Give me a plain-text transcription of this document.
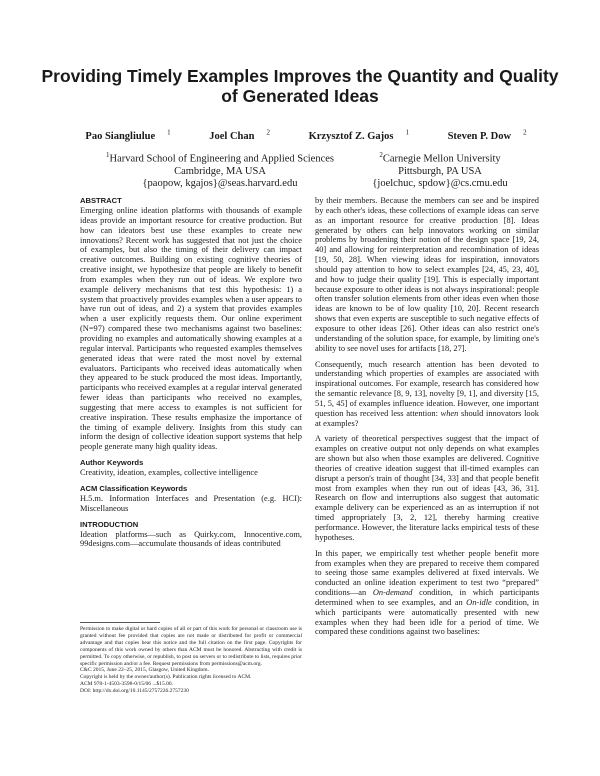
Providing Timely Examples Improves the Quantity and Quality of Generated Ideas
Pao Siangliulue $^1$	Joel Chan $^2$	Krzysztof Z. Gajos $^1$	Steven P. Dow $^2$
$^1$Harvard School of Engineering and Applied Sciences
Cambridge, MA USA
{paopow, kgajos}@seas.harvard.edu
$^2$Carnegie Mellon University
Pittsburgh, PA USA
{joelchuc, spdow}@cs.cmu.edu
ABSTRACT

Emerging online ideation platforms with thousands of example ideas provide an important resource for creative production. But how can ideators best use these examples to create new innovations? Recent work has suggested that not just the choice of examples, but also the timing of their delivery can impact creative outcomes. Building on existing cognitive theories of creative insight, we hypothesize that people are likely to benefit from examples when they run out of ideas. We explore two example delivery mechanisms that test this hypothesis: 1) a system that proactively provides examples when a user appears to have run out of ideas, and 2) a system that provides examples when a user explicitly requests them. Our online experiment (N=97) compared these two mechanisms against two baselines: providing no examples and automatically showing examples at a regular interval. Participants who requested examples themselves generated ideas that were rated the most novel by external evaluators. Participants who received ideas automatically when they appeared to be stuck produced the most ideas. Importantly, participants who received examples at a regular interval generated fewer ideas than participants who received no examples, suggesting that mere access to examples is not sufficient for creative inspiration. These results emphasize the importance of the timing of example delivery. Insights from this study can inform the design of collective ideation support systems that help people generate many high quality ideas.

Author Keywords

Creativity, ideation, examples, collective intelligence

ACM Classification Keywords

H.5.m. Information Interfaces and Presentation (e.g. HCI): Miscellaneous

INTRODUCTION

Ideation platforms—such as Quirky.com, Innocentive.com, 99designs.com—accumulate thousands of ideas contributed

Permission to make digital or hard copies of all or part of this work for personal or classroom use is granted without fee provided that copies are not made or distributed for profit or commercial advantage and that copies bear this notice and the full citation on the first page. Copyrights for components of this work owned by others than ACM must be honored. Abstracting with credit is permitted. To copy otherwise, or republish, to post on servers or to redistribute to lists, requires prior specific permission and/or a fee. Request permissions from permissions@acm.org.
C&C 2015, June 22–25, 2015, Glasgow, United Kingdom.
Copyright is held by the owner/author(s). Publication rights licensed to ACM.
ACM 978-1-4503-3598-0/15/06 ...$15.00.
DOI: http://dx.doi.org/10.1145/2757226.2757230

by their members. Because the members can see and be inspired by each other's ideas, these collections of example ideas can serve as an important resource for creative production [8]. Ideas generated by others can help innovators working on similar problems by broadening their notion of the design space [19, 24, 40] and allowing for reinterpretation and recombination of ideas [19, 50, 28]. When viewing ideas for inspiration, innovators should pay attention to how to select examples [24, 45, 23, 40], and how to judge their quality [19]. This is especially important because exposure to other ideas is not always inspirational: people often transfer solution elements from other ideas even when those ideas are known to be of low quality [10, 20]. Recent research shows that even experts are susceptible to such negative effects of exposure to other ideas [26]. Other ideas can also restrict one's understanding of the solution space, for example, by limiting one's ability to see novel uses for artifacts [18, 27].

Consequently, much research attention has been devoted to understanding which properties of examples are associated with inspirational outcomes. For example, research has considered how the semantic relevance [8, 9, 13], novelty [9, 1], and diversity [15, 51, 5, 45] of examples influence ideation. However, one important question has received less attention: when should innovators look at examples?

A variety of theoretical perspectives suggest that the impact of examples on creative output not only depends on what examples are shown but also when those examples are delivered. Cognitive theories of creative ideation suggest that ill-timed examples can disrupt a person's train of thought [34, 33] and that people benefit most from examples when they run out of ideas [43, 36, 31]. Research on flow and interruptions also suggest that automatic example delivery can be experienced as an as interruption if not timed appropriately [3, 2, 12], thereby harming creative performance. However, the literature lacks empirical tests of these hypotheses.

In this paper, we empirically test whether people benefit more from examples when they are prepared to receive them compared to seeing those same examples delivered at fixed intervals. We conducted an online ideation experiment to test two “prepared” conditions—an On-demand condition, in which participants determined when to see examples, and an On-idle condition, in which participants were automatically presented with new examples when they had been idle for a period of time. We compared these conditions against two baselines:
